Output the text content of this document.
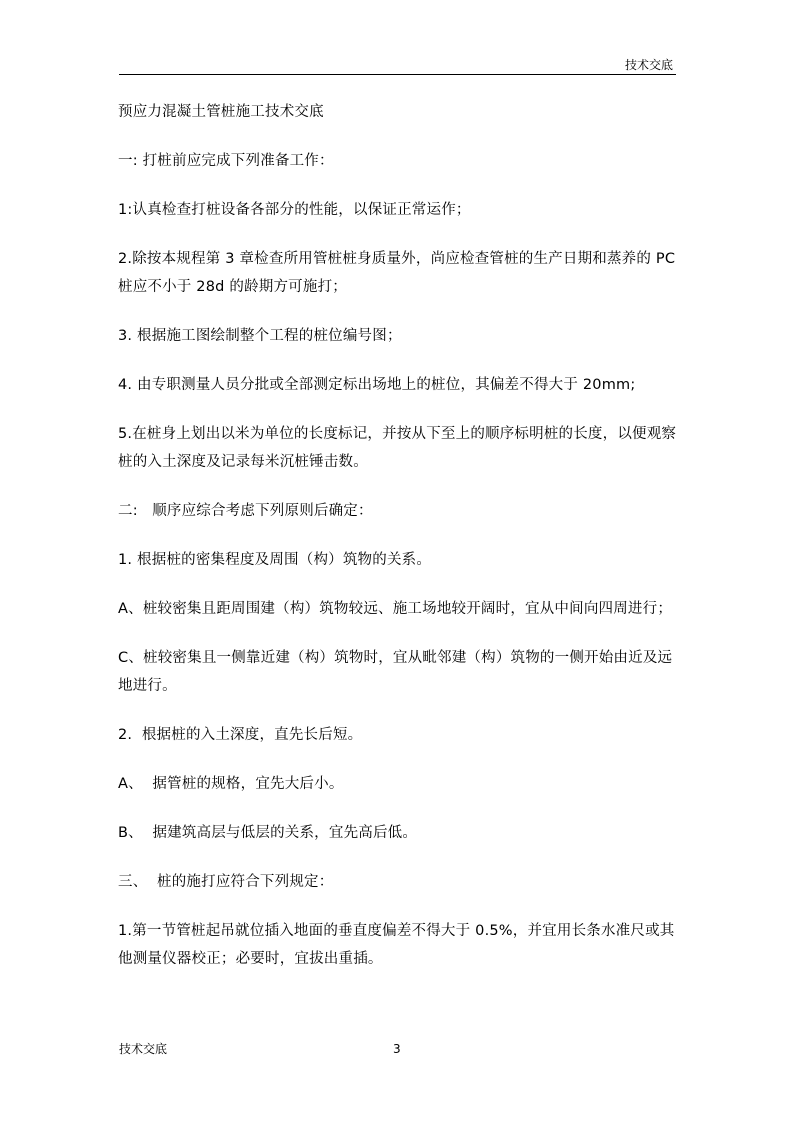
技术交底

预应力混凝土管桩施工技术交底

一: 打桩前应完成下列准备工作：

1:认真检查打桩设备各部分的性能，以保证正常运作；

2.除按本规程第 3 章检查所用管桩桩身质量外，尚应检查管桩的生产日期和蒸养的 PC 桩应不小于 28d 的龄期方可施打；

3. 根据施工图绘制整个工程的桩位编号图；

4. 由专职测量人员分批或全部测定标出场地上的桩位，其偏差不得大于 20mm;

5.在桩身上划出以米为单位的长度标记，并按从下至上的顺序标明桩的长度，以便观察桩的入土深度及记录每米沉桩锤击数。

二:   顺序应综合考虑下列原则后确定：

1. 根据桩的密集程度及周围（构）筑物的关系。

A、桩较密集且距周围建（构）筑物较远、施工场地较开阔时，宜从中间向四周进行；

C、桩较密集且一侧靠近建（构）筑物时，宜从毗邻建（构）筑物的一侧开始由近及远地进行。

2.  根据桩的入土深度，直先长后短。

A、  据管桩的规格，宜先大后小。

B、  据建筑高层与低层的关系，宜先高后低。

三、  桩的施打应符合下列规定：

1.第一节管桩起吊就位插入地面的垂直度偏差不得大于 0.5%，并宜用长条水准尺或其他测量仪器校正；必要时，宜拔出重插。

技术交底	3
